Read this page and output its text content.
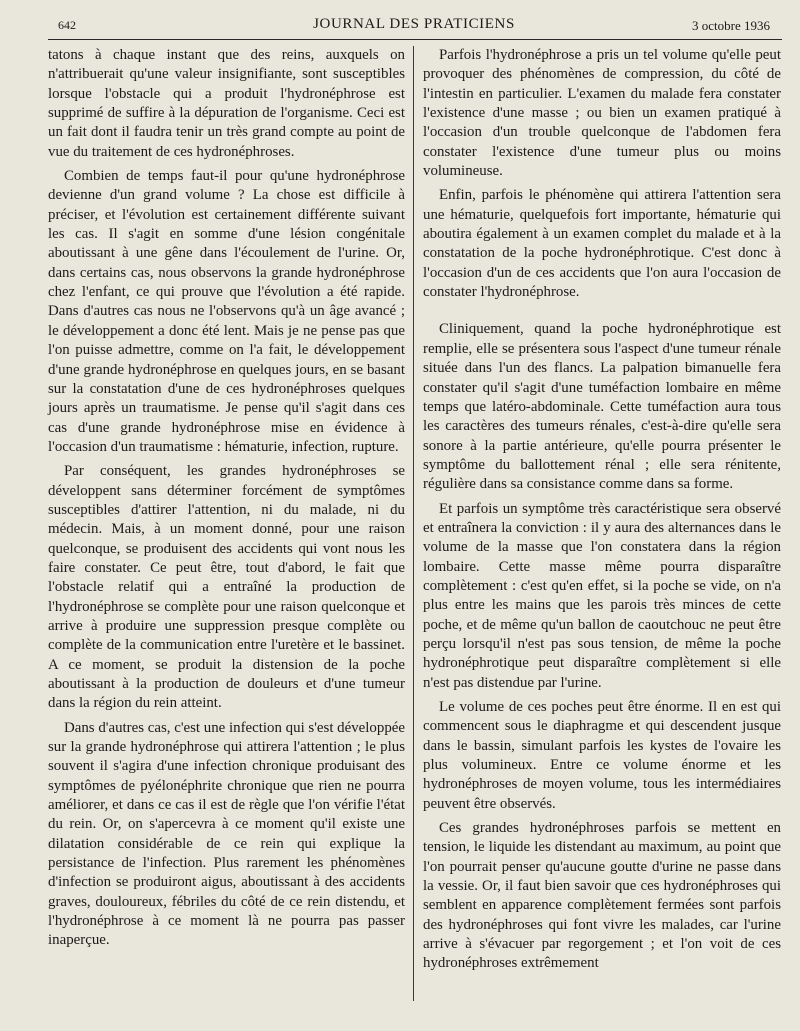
642	JOURNAL DES PRATICIENS	3 octobre 1936

tatons à chaque instant que des reins, auxquels on n'attribuerait qu'une valeur insignifiante, sont susceptibles lorsque l'obstacle qui a produit l'hydronéphrose est supprimé de suffire à la dépuration de l'organisme. Ceci est un fait dont il faudra tenir un très grand compte au point de vue du traitement de ces hydronéphroses.

Combien de temps faut-il pour qu'une hydronéphrose devienne d'un grand volume ? La chose est difficile à préciser, et l'évolution est certainement différente suivant les cas. Il s'agit en somme d'une lésion congénitale aboutissant à une gêne dans l'écoulement de l'urine. Or, dans certains cas, nous observons la grande hydronéphrose chez l'enfant, ce qui prouve que l'évolution a été rapide. Dans d'autres cas nous ne l'observons qu'à un âge avancé ; le développement a donc été lent. Mais je ne pense pas que l'on puisse admettre, comme on l'a fait, le développement d'une grande hydronéphrose en quelques jours, en se basant sur la constatation d'une de ces hydronéphroses quelques jours après un traumatisme. Je pense qu'il s'agit dans ces cas d'une grande hydronéphrose mise en évidence à l'occasion d'un traumatisme : hématurie, infection, rupture.

Par conséquent, les grandes hydronéphroses se développent sans déterminer forcément de symptômes susceptibles d'attirer l'attention, ni du malade, ni du médecin. Mais, à un moment donné, pour une raison quelconque, se produisent des accidents qui vont nous les faire constater. Ce peut être, tout d'abord, le fait que l'obstacle relatif qui a entraîné la production de l'hydronéphrose se complète pour une raison quelconque et arrive à produire une suppression presque complète ou complète de la communication entre l'uretère et le bassinet. A ce moment, se produit la distension de la poche aboutissant à la production de douleurs et d'une tumeur dans la région du rein atteint.

Dans d'autres cas, c'est une infection qui s'est développée sur la grande hydronéphrose qui attirera l'attention ; le plus souvent il s'agira d'une infection chronique produisant des symptômes de pyélonéphrite chronique que rien ne pourra améliorer, et dans ce cas il est de règle que l'on vérifie l'état du rein. Or, on s'apercevra à ce moment qu'il existe une dilatation considérable de ce rein qui explique la persistance de l'infection. Plus rarement les phénomènes d'infection se produiront aigus, aboutissant à des accidents graves, douloureux, fébriles du côté de ce rein distendu, et l'hydronéphrose à ce moment là ne pourra pas passer inaperçue.

Parfois l'hydronéphrose a pris un tel volume qu'elle peut provoquer des phénomènes de compression, du côté de l'intestin en particulier. L'examen du malade fera constater l'existence d'une masse ; ou bien un examen pratiqué à l'occasion d'un trouble quelconque de l'abdomen fera constater l'existence d'une tumeur plus ou moins volumineuse.

Enfin, parfois le phénomène qui attirera l'attention sera une hématurie, quelquefois fort importante, hématurie qui aboutira également à un examen complet du malade et à la constatation de la poche hydronéphrotique. C'est donc à l'occasion d'un de ces accidents que l'on aura l'occasion de constater l'hydronéphrose.

Cliniquement, quand la poche hydronéphrotique est remplie, elle se présentera sous l'aspect d'une tumeur rénale située dans l'un des flancs. La palpation bimanuelle fera constater qu'il s'agit d'une tuméfaction lombaire en même temps que latéro-abdominale. Cette tuméfaction aura tous les caractères des tumeurs rénales, c'est-à-dire qu'elle sera sonore à la partie antérieure, qu'elle pourra présenter le symptôme du ballottement rénal ; elle sera rénitente, régulière dans sa consistance comme dans sa forme.

Et parfois un symptôme très caractéristique sera observé et entraînera la conviction : il y aura des alternances dans le volume de la masse que l'on constatera dans la région lombaire. Cette masse même pourra disparaître complètement : c'est qu'en effet, si la poche se vide, on n'a plus entre les mains que les parois très minces de cette poche, et de même qu'un ballon de caoutchouc ne peut être perçu lorsqu'il n'est pas sous tension, de même la poche hydronéphrotique peut disparaître complètement si elle n'est pas distendue par l'urine.

Le volume de ces poches peut être énorme. Il en est qui commencent sous le diaphragme et qui descendent jusque dans le bassin, simulant parfois les kystes de l'ovaire les plus volumineux. Entre ce volume énorme et les hydronéphroses de moyen volume, tous les intermédiaires peuvent être observés.

Ces grandes hydronéphroses parfois se mettent en tension, le liquide les distendant au maximum, au point que l'on pourrait penser qu'aucune goutte d'urine ne passe dans la vessie. Or, il faut bien savoir que ces hydronéphroses qui semblent en apparence complètement fermées sont parfois des hydronéphroses qui font vivre les malades, car l'urine arrive à s'évacuer par regorgement ; et l'on voit de ces hydronéphroses extrêmement
